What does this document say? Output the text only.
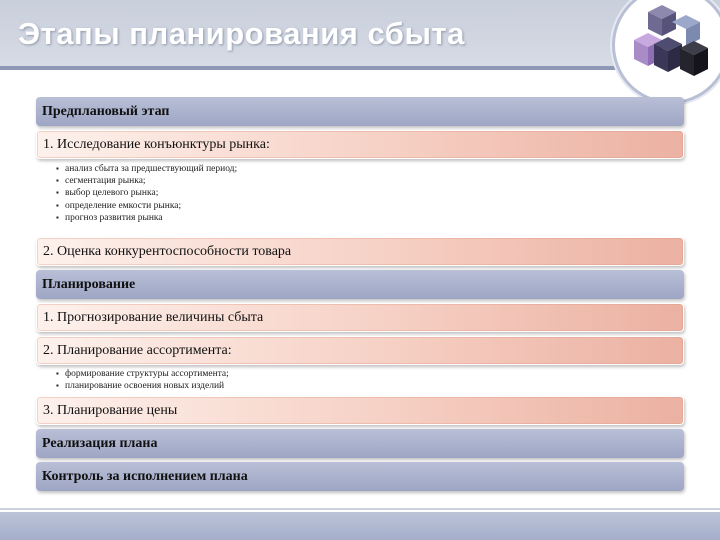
Этапы планирования сбыта
Предплановый этап
1. Исследование конъюнктуры рынка:
▪ анализ сбыта за предшествующий период;
▪ сегментация рынка;
▪ выбор целевого рынка;
▪ определение емкости рынка;
▪ прогноз развития рынка
2. Оценка конкурентоспособности товара
Планирование
1. Прогнозирование величины сбыта
2. Планирование ассортимента:
▪ формирование структуры ассортимента;
▪ планирование освоения новых изделий
3. Планирование цены
Реализация плана
Контроль за исполнением плана
